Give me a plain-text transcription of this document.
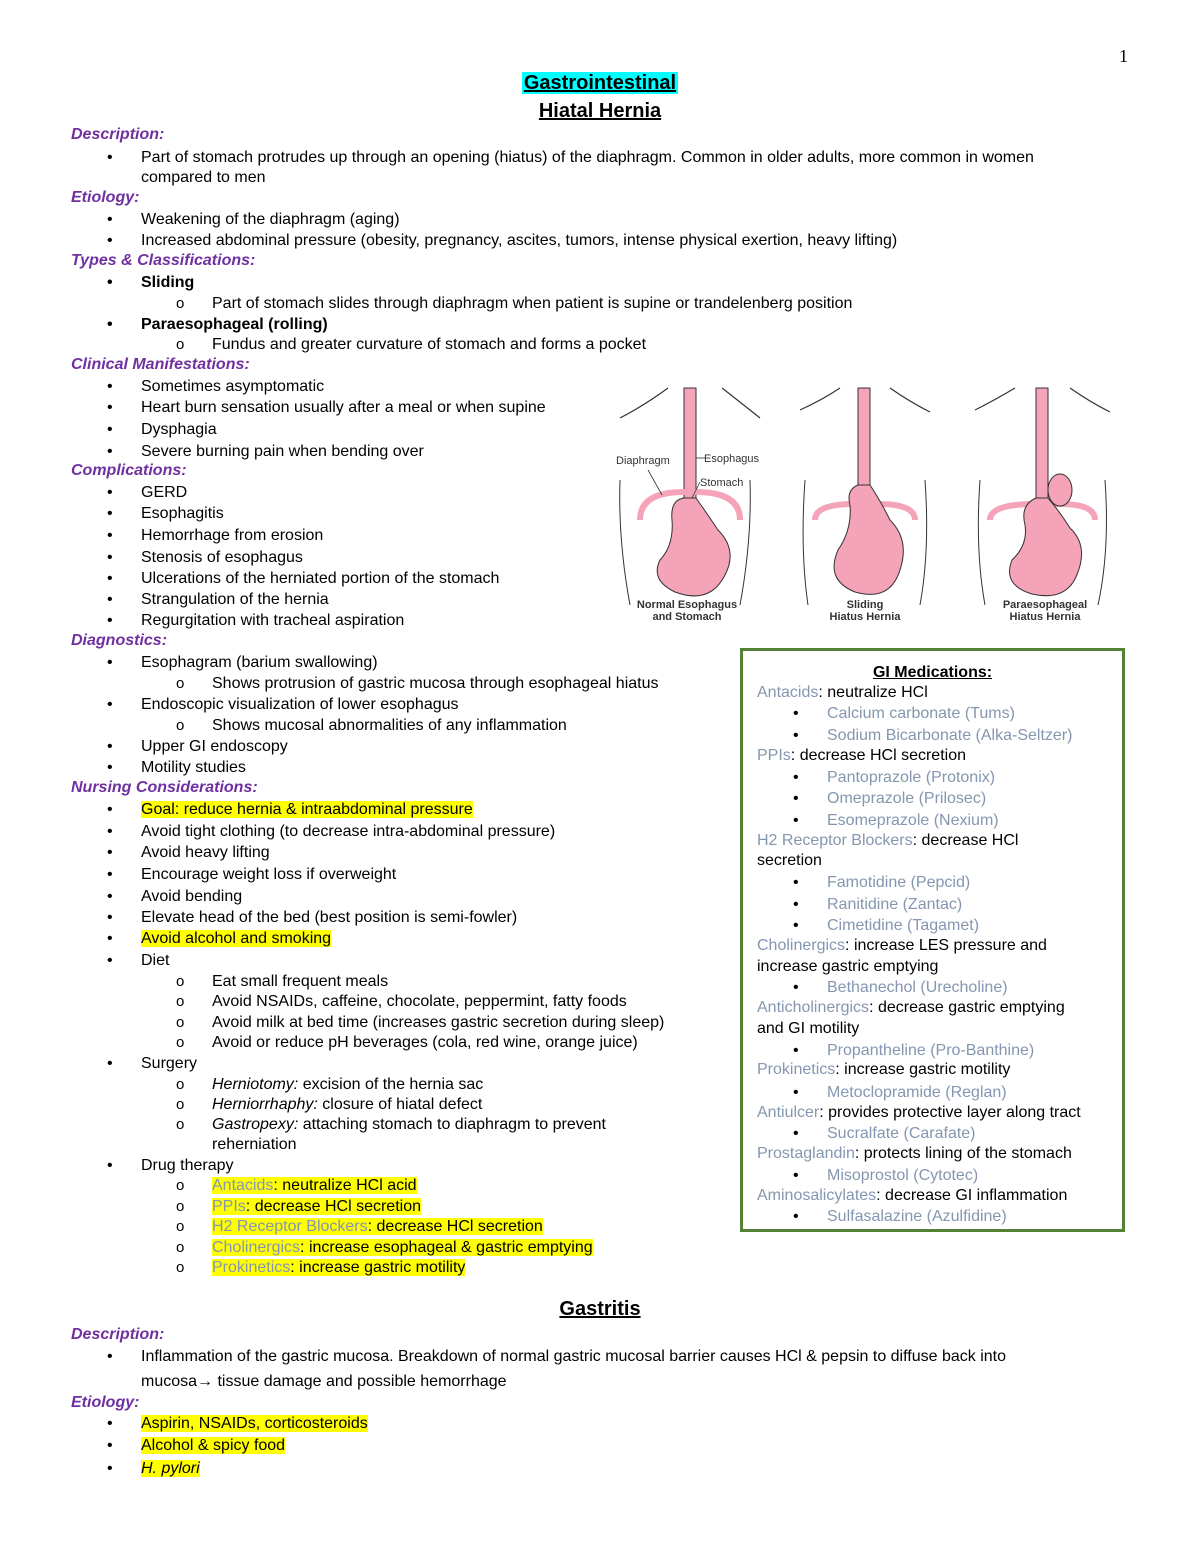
1
Gastrointestinal
Hiatal Hernia
Description:
• Part of stomach protrudes up through an opening (hiatus) of the diaphragm. Common in older adults, more common in women
compared to men
Etiology:
• Weakening of the diaphragm (aging)
• Increased abdominal pressure (obesity, pregnancy, ascites, tumors, intense physical exertion, heavy lifting)
Types & Classifications:
• Sliding
o Part of stomach slides through diaphragm when patient is supine or trandelenberg position
• Paraesophageal (rolling)
o Fundus and greater curvature of stomach and forms a pocket
Clinical Manifestations:
• Sometimes asymptomatic
• Heart burn sensation usually after a meal or when supine
• Dysphagia
• Severe burning pain when bending over
Complications:
• GERD
• Esophagitis
• Hemorrhage from erosion
• Stenosis of esophagus
• Ulcerations of the herniated portion of the stomach
• Strangulation of the hernia
• Regurgitation with tracheal aspiration
Diagnostics:
• Esophagram (barium swallowing)
o Shows protrusion of gastric mucosa through esophageal hiatus
• Endoscopic visualization of lower esophagus
o Shows mucosal abnormalities of any inflammation
• Upper GI endoscopy
• Motility studies
Nursing Considerations:
• Goal: reduce hernia & intraabdominal pressure
• Avoid tight clothing (to decrease intra-abdominal pressure)
• Avoid heavy lifting
• Encourage weight loss if overweight
• Avoid bending
• Elevate head of the bed (best position is semi-fowler)
• Avoid alcohol and smoking
• Diet
o Eat small frequent meals
o Avoid NSAIDs, caffeine, chocolate, peppermint, fatty foods
o Avoid milk at bed time (increases gastric secretion during sleep)
o Avoid or reduce pH beverages (cola, red wine, orange juice)
• Surgery
o Herniotomy: excision of the hernia sac
o Herniorrhaphy: closure of hiatal defect
o Gastropexy: attaching stomach to diaphragm to prevent
reherniation
• Drug therapy
o Antacids: neutralize HCl acid
o PPIs: decrease HCl secretion
o H2 Receptor Blockers: decrease HCl secretion
o Cholinergics: increase esophageal & gastric emptying
o Prokinetics: increase gastric motility
Diaphragm	Esophagus
Stomach
Normal Esophagus
and Stomach
Sliding
Hiatus Hernia
Paraesophageal
Hiatus Hernia
GI Medications:
Antacids: neutralize HCl
• Calcium carbonate (Tums)
• Sodium Bicarbonate (Alka-Seltzer)
PPIs: decrease HCl secretion
• Pantoprazole (Protonix)
• Omeprazole (Prilosec)
• Esomeprazole (Nexium)
H2 Receptor Blockers: decrease HCl
secretion
• Famotidine (Pepcid)
• Ranitidine (Zantac)
• Cimetidine (Tagamet)
Cholinergics: increase LES pressure and
increase gastric emptying
• Bethanechol (Urecholine)
Anticholinergics: decrease gastric emptying
and GI motility
• Propantheline (Pro-Banthine)
Prokinetics: increase gastric motility
• Metoclopramide (Reglan)
Antiulcer: provides protective layer along tract
• Sucralfate (Carafate)
Prostaglandin: protects lining of the stomach
• Misoprostol (Cytotec)
Aminosalicylates: decrease GI inflammation
• Sulfasalazine (Azulfidine)
Gastritis
Description:
• Inflammation of the gastric mucosa. Breakdown of normal gastric mucosal barrier causes HCl & pepsin to diffuse back into
mucosa→ tissue damage and possible hemorrhage
Etiology:
• Aspirin, NSAIDs, corticosteroids
• Alcohol & spicy food
• H. pylori
